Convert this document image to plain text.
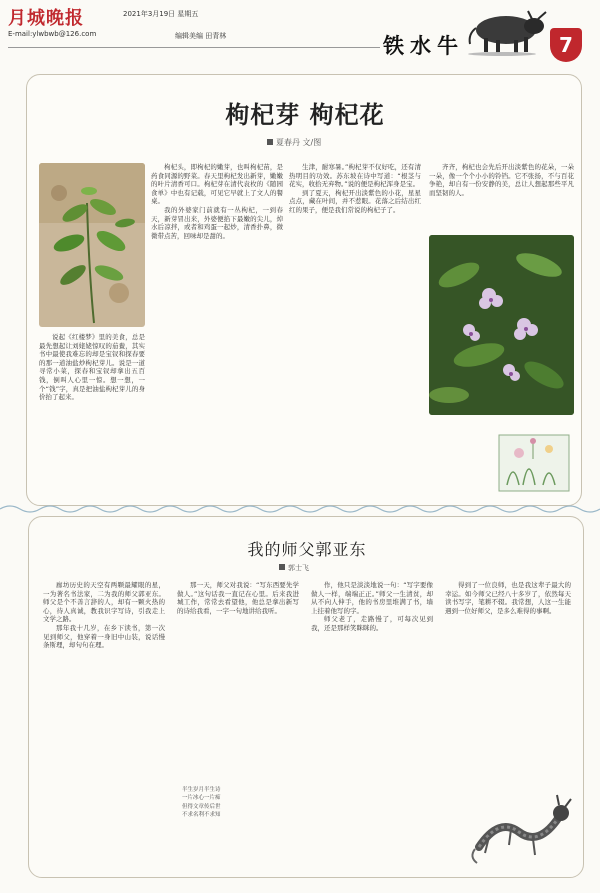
月城晚报
E-mail:ylwbwb@126.com
2021年3月19日 星期五
编辑美编 田青林	铁水牛	7
枸杞芽 枸杞花
夏春丹 文/图

说起《红楼梦》里的美食，总是最先想起让刘姥姥惊叹的茄鲞，其实书中最使我难忘的却是宝钗和探春要的那一道油盐炒枸杞芽儿。说是一道寻常小菜，探春和宝钗却拿出五百钱，倒叫人心里一惊。想一想，一个“钱”字，真是把油盐枸杞芽儿的身价抬了起来。

枸杞头，即枸杞的嫩芽，也叫枸杞苗，是药食同源的野菜。春天里枸杞发出新芽，嫩嫩的叶片清香可口。枸杞芽在清代袁枚的《随园食单》中也有记载，可见它早就上了文人的餐桌。

我的外婆家门前就有一丛枸杞，一到春天，新芽冒出来，外婆便掐下最嫩的尖儿，焯水后凉拌，或者和鸡蛋一起炒，清香扑鼻，微微带点苦，回味却是甜的。

生津，耐寒暑。”枸杞芽不仅好吃，还有清热明目的功效。苏东坡在诗中写道：“根茎与花实，收拾无弃物。”说的便是枸杞浑身是宝。

到了夏天，枸杞开出淡紫色的小花，星星点点，藏在叶间，并不惹眼。花落之后结出红红的果子，便是我们常说的枸杞子了。

齐齐，枸杞也会先后开出淡紫色的花朵，一朵一朵，像一个个小小的铃铛。它不张扬，不与百花争艳，却自有一份安静的美，总让人想起那些平凡而坚韧的人。

我的师父郭亚东
郭士飞

廊坊历史的天空有两颗最耀眼的星，一为著名书法家，二为我的师父郭亚东。师父是个不善言辞的人，却有一颗火热的心，待人真诚，教我识字写诗，引我走上文学之路。

那年我十几岁，在乡下读书，第一次见到师父，他穿着一身旧中山装，说话慢条斯理，却句句在理。

那一天，师父对我说：“写东西要先学做人。”这句话我一直记在心里。后来我进城工作，常常去看望他，他总是拿出新写的诗给我看，一字一句地讲给我听。

半生岁月半生诗
一片冰心一片痴
但得文章传后世
不求名利不求知

作，他只是淡淡地说一句：“写字要像做人一样，端端正正。”师父一生清贫，却从不向人伸手，他的书房里堆满了书，墙上挂着他写的字。

师父老了，走路慢了，可每次见到我，还是那样笑眯眯的。

得到了一位良师，也是我这辈子最大的幸运。如今师父已经八十多岁了，依然每天读书写字，笔耕不辍。我常想，人这一生能遇到一位好师父，是多么难得的事啊。
